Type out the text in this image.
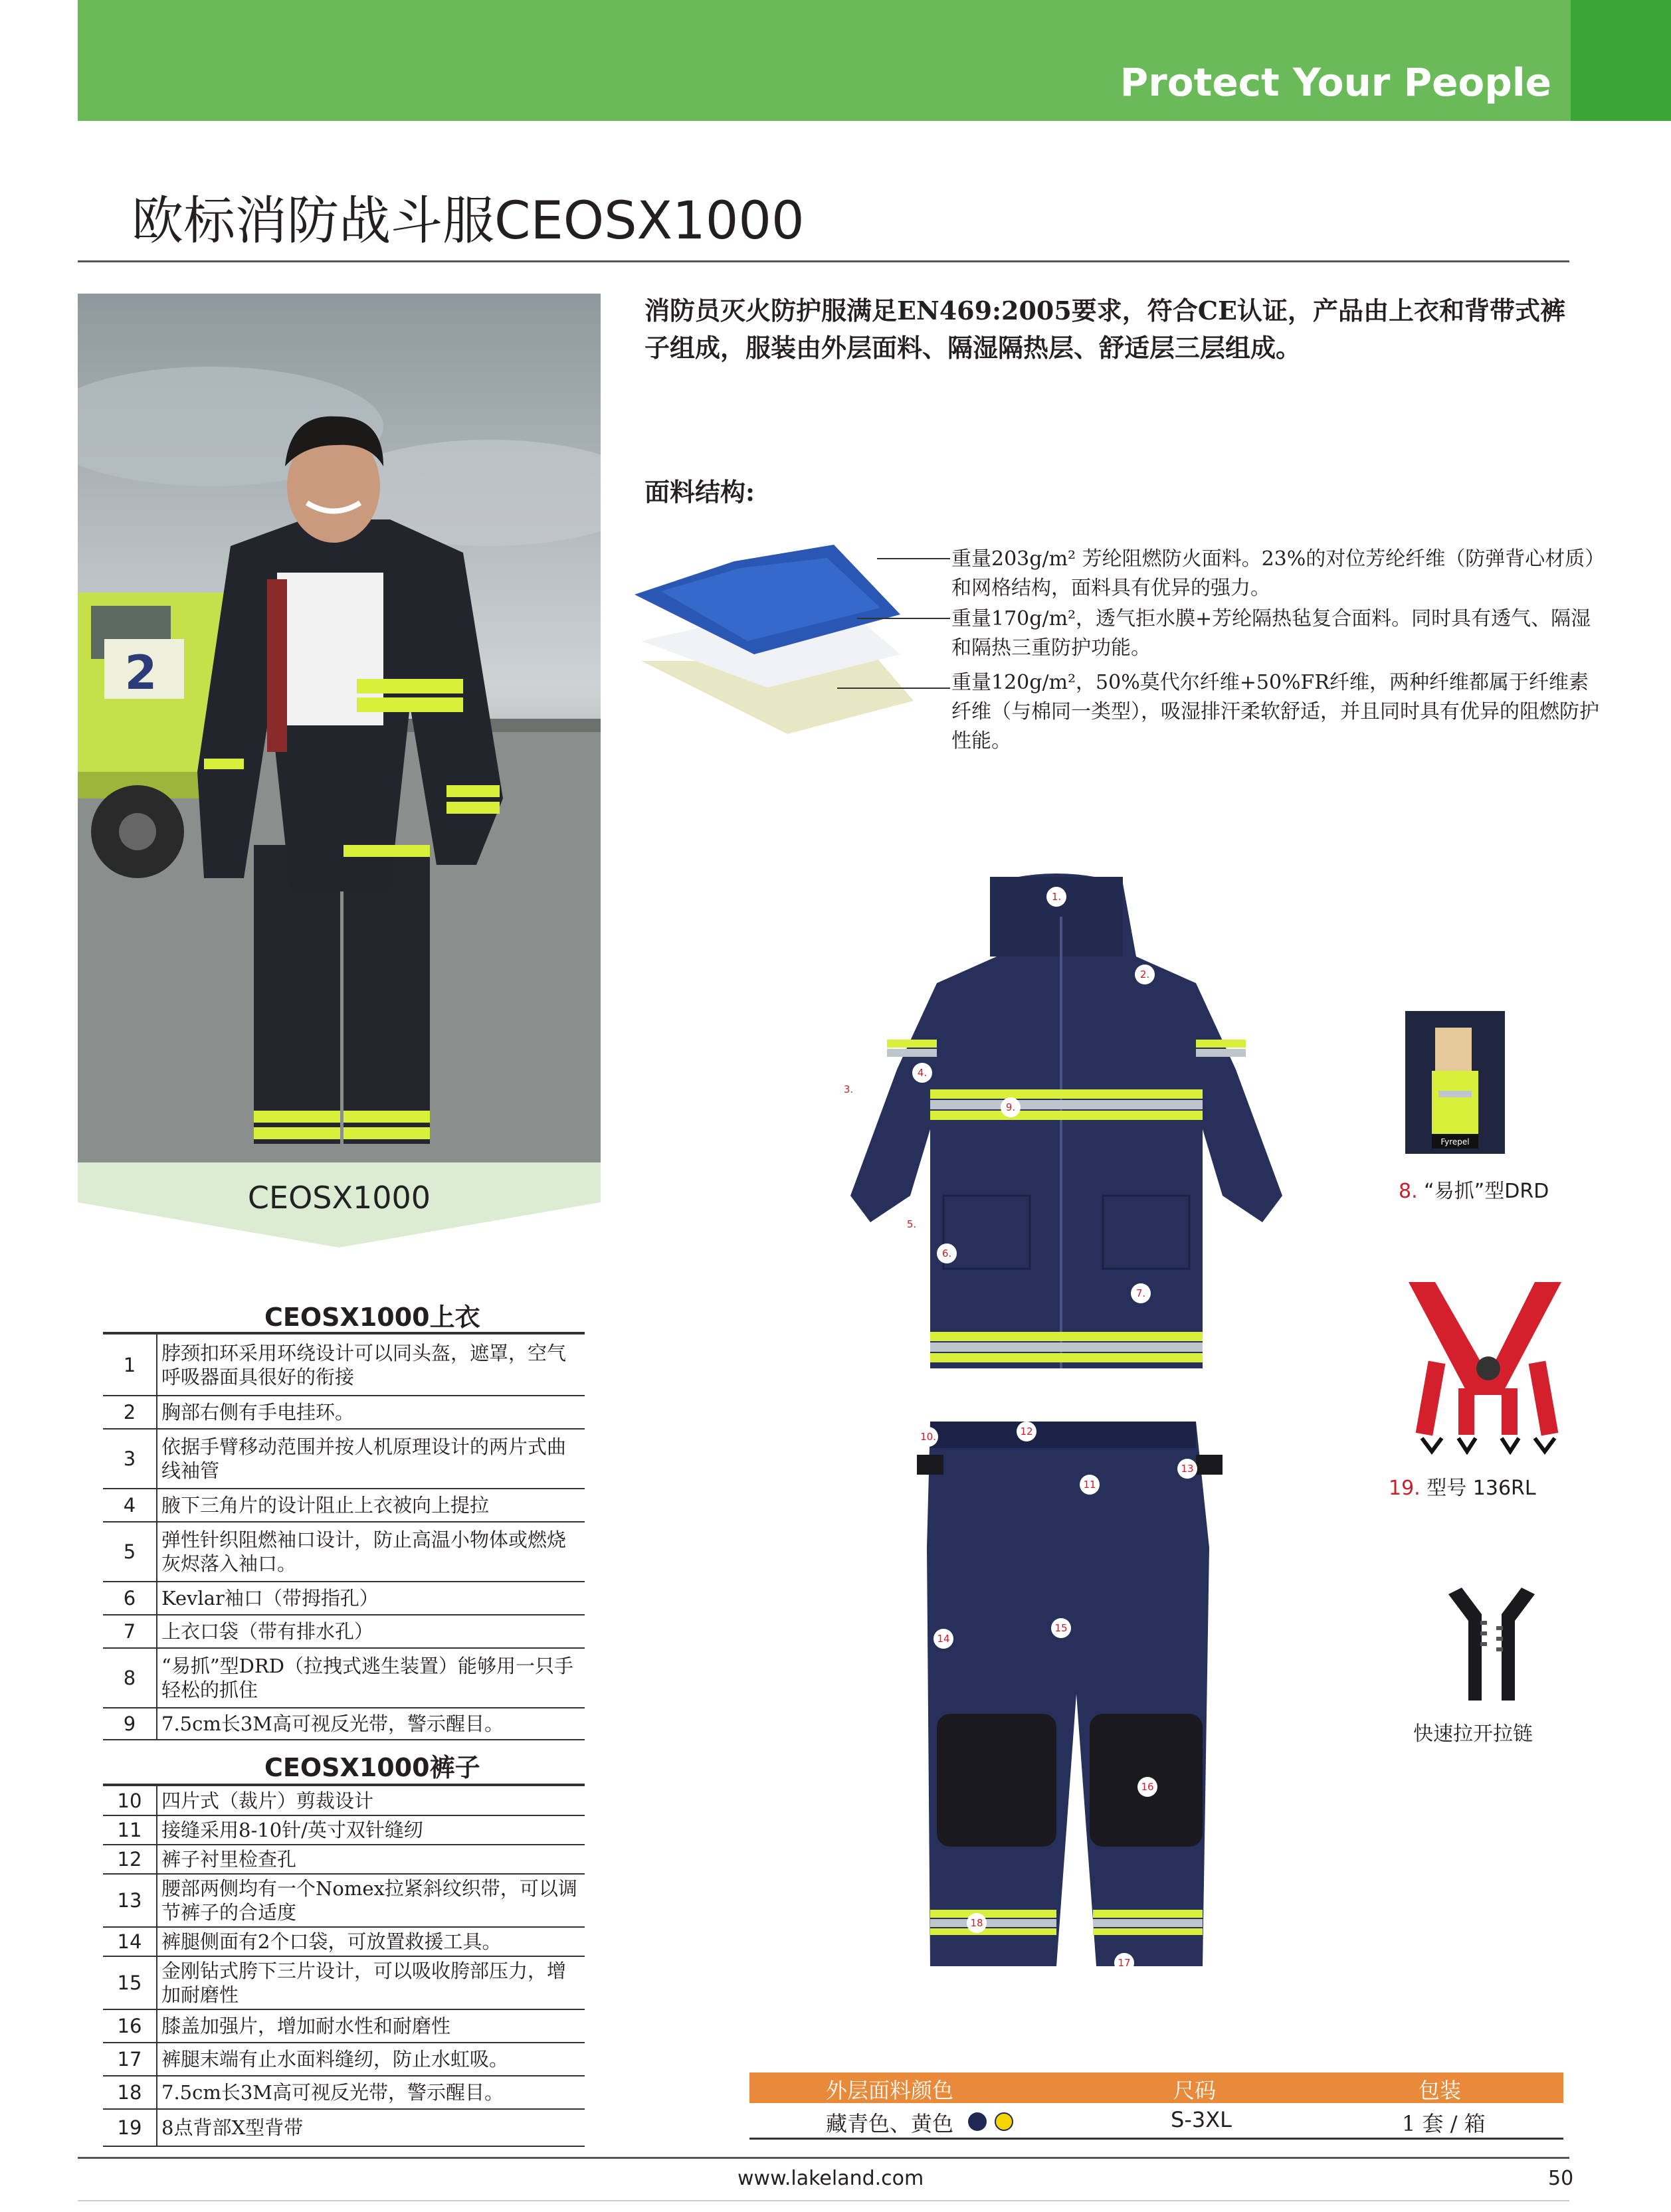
Protect Your People
欧标消防战斗服CEOSX1000
2
CEOSX1000
消防员灭火防护服满足EN469:2005要求，符合CE认证，产品由上衣和背带式裤子组成，服装由外层面料、隔湿隔热层、舒适层三层组成。
面料结构:
重量203g/m² 芳纶阻燃防火面料。23%的对位芳纶纤维（防弹背心材质）和网格结构，面料具有优异的强力。
重量170g/m²，透气拒水膜+芳纶隔热毡复合面料。同时具有透气、隔湿和隔热三重防护功能。
重量120g/m²，50%莫代尔纤维+50%FR纤维，两种纤维都属于纤维素纤维（与棉同一类型），吸湿排汗柔软舒适，并且同时具有优异的阻燃防护性能。
CEOSX1000上衣
1	脖颈扣环采用环绕设计可以同头盔，遮罩，空气呼吸器面具很好的衔接
2	胸部右侧有手电挂环。
3	依据手臂移动范围并按人机原理设计的两片式曲线袖管
4	腋下三角片的设计阻止上衣被向上提拉
5	弹性针织阻燃袖口设计，防止高温小物体或燃烧灰烬落入袖口。
6	Kevlar袖口（带拇指孔）
7	上衣口袋（带有排水孔）
8	“易抓”型DRD（拉拽式逃生装置）能够用一只手轻松的抓住
9	7.5cm长3M高可视反光带，警示醒目。
CEOSX1000裤子
10	四片式（裁片）剪裁设计
11	接缝采用8-10针/英寸双针缝纫
12	裤子衬里检查孔
13	腰部两侧均有一个Nomex拉紧斜纹织带，可以调节裤子的合适度
14	裤腿侧面有2个口袋，可放置救援工具。
15	金刚钻式胯下三片设计，可以吸收胯部压力，增加耐磨性
16	膝盖加强片，增加耐水性和耐磨性
17	裤腿末端有止水面料缝纫，防止水虹吸。
18	7.5cm长3M高可视反光带，警示醒目。
19	8点背部X型背带
1.
2.
3.
4.
5.
6.
7.
9.
10.
11
12
13
14
15
16
17
18
Fyrepel
8. “易抓”型DRD
19. 型号 136RL
快速拉开拉链
外层面料颜色	尺码	包装
藏青色、黄色	S-3XL	1 套 / 箱
www.lakeland.com	50
